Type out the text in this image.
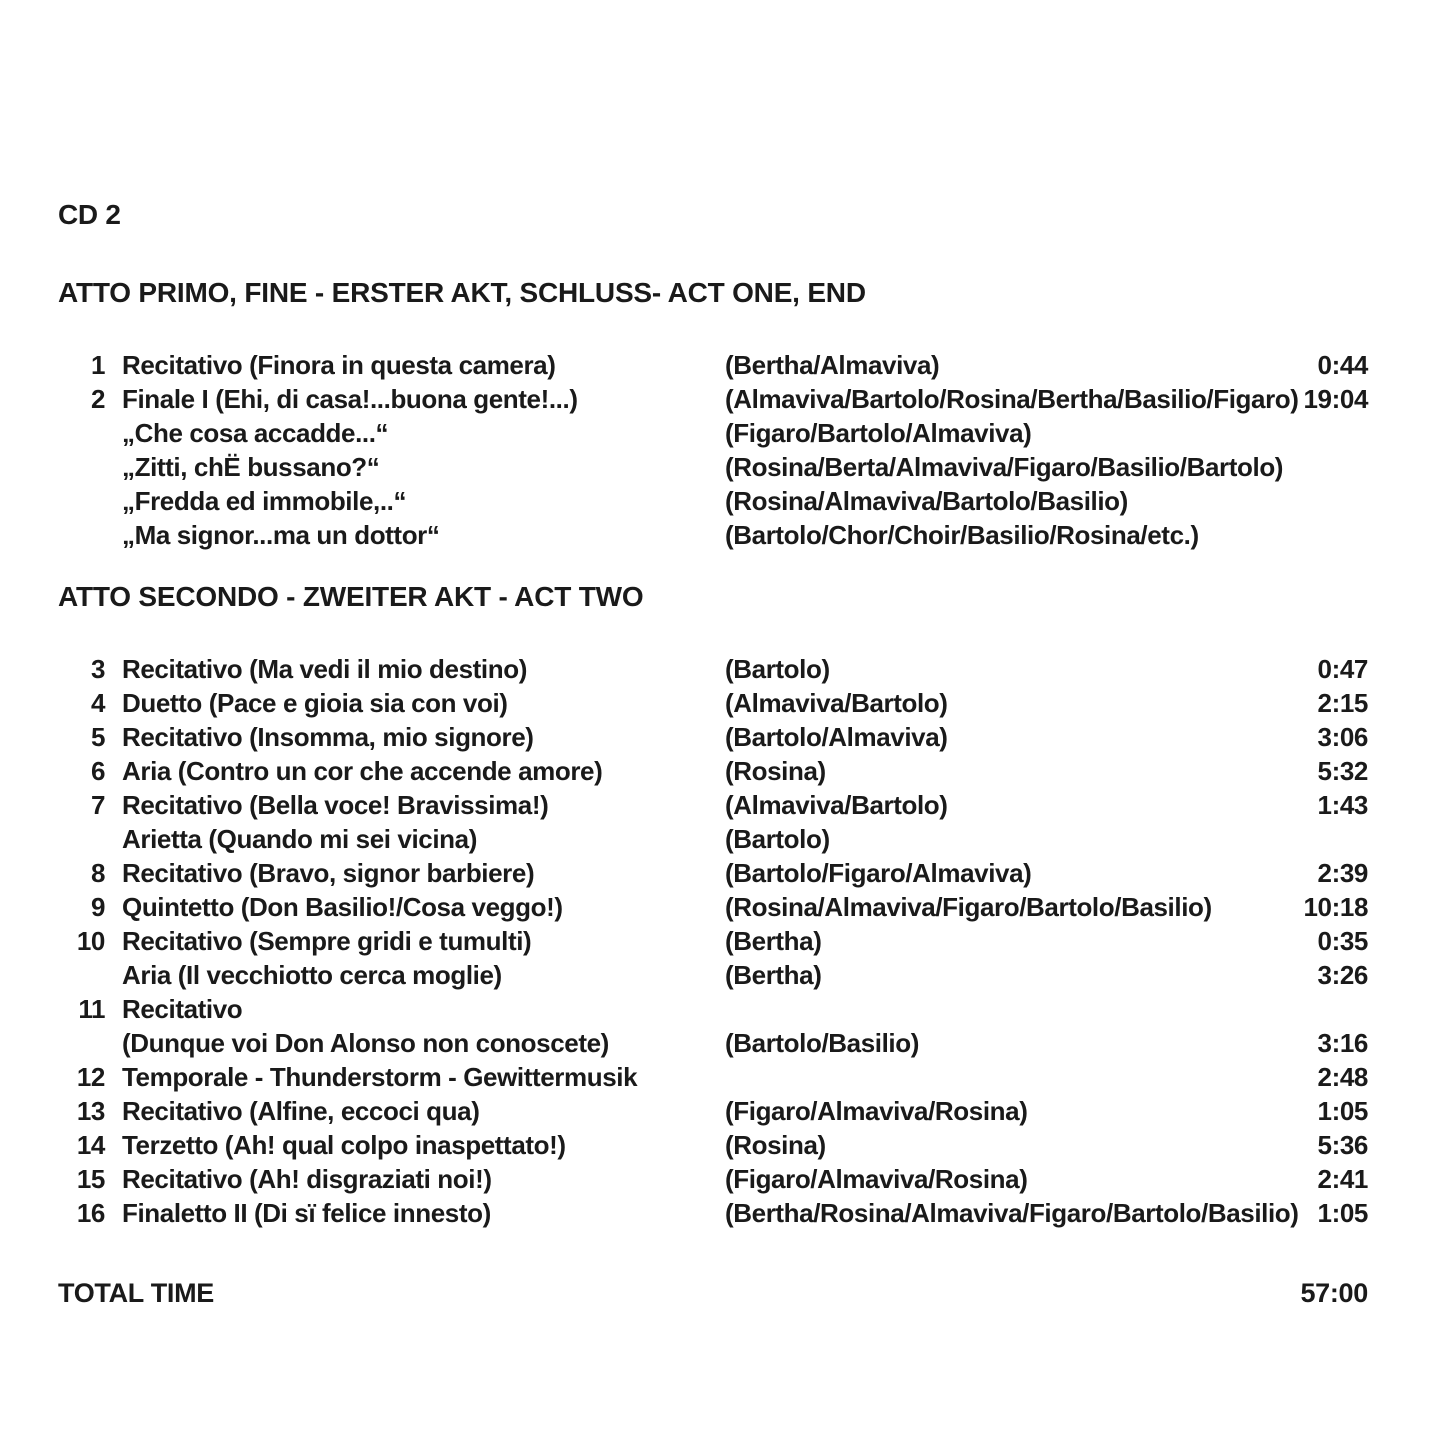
CD 2
ATTO PRIMO, FINE - ERSTER AKT, SCHLUSS- ACT ONE, END
1 Recitativo (Finora in questa camera)	(Bertha/Almaviva)	0:44
2 Finale I (Ehi, di casa!...buona gente!...)	(Almaviva/Bartolo/Rosina/Bertha/Basilio/Figaro) 19:04
„Che cosa accadde...“	(Figaro/Bartolo/Almaviva)
„Zitti, chË bussano?“	(Rosina/Berta/Almaviva/Figaro/Basilio/Bartolo)
„Fredda ed immobile,..“	(Rosina/Almaviva/Bartolo/Basilio)
„Ma signor...ma un dottor“	(Bartolo/Chor/Choir/Basilio/Rosina/etc.)
ATTO SECONDO - ZWEITER AKT - ACT TWO
3 Recitativo (Ma vedi il mio destino)	(Bartolo)	0:47
4 Duetto (Pace e gioia sia con voi)	(Almaviva/Bartolo)	2:15
5 Recitativo (Insomma, mio signore)	(Bartolo/Almaviva)	3:06
6 Aria (Contro un cor che accende amore)	(Rosina)	5:32
7 Recitativo (Bella voce! Bravissima!)	(Almaviva/Bartolo)	1:43
Arietta (Quando mi sei vicina)	(Bartolo)
8 Recitativo (Bravo, signor barbiere)	(Bartolo/Figaro/Almaviva)	2:39
9 Quintetto (Don Basilio!/Cosa veggo!)	(Rosina/Almaviva/Figaro/Bartolo/Basilio)	10:18
10 Recitativo (Sempre gridi e tumulti)	(Bertha)	0:35
Aria (Il vecchiotto cerca moglie)	(Bertha)	3:26
11 Recitativo
(Dunque voi Don Alonso non conoscete)	(Bartolo/Basilio)	3:16
12 Temporale - Thunderstorm - Gewittermusik	2:48
13 Recitativo (Alfine, eccoci qua)	(Figaro/Almaviva/Rosina)	1:05
14 Terzetto (Ah! qual colpo inaspettato!)	(Rosina)	5:36
15 Recitativo (Ah! disgraziati noi!)	(Figaro/Almaviva/Rosina)	2:41
16 Finaletto II (Di sï felice innesto)	(Bertha/Rosina/Almaviva/Figaro/Bartolo/Basilio) 1:05
TOTAL TIME	57:00
